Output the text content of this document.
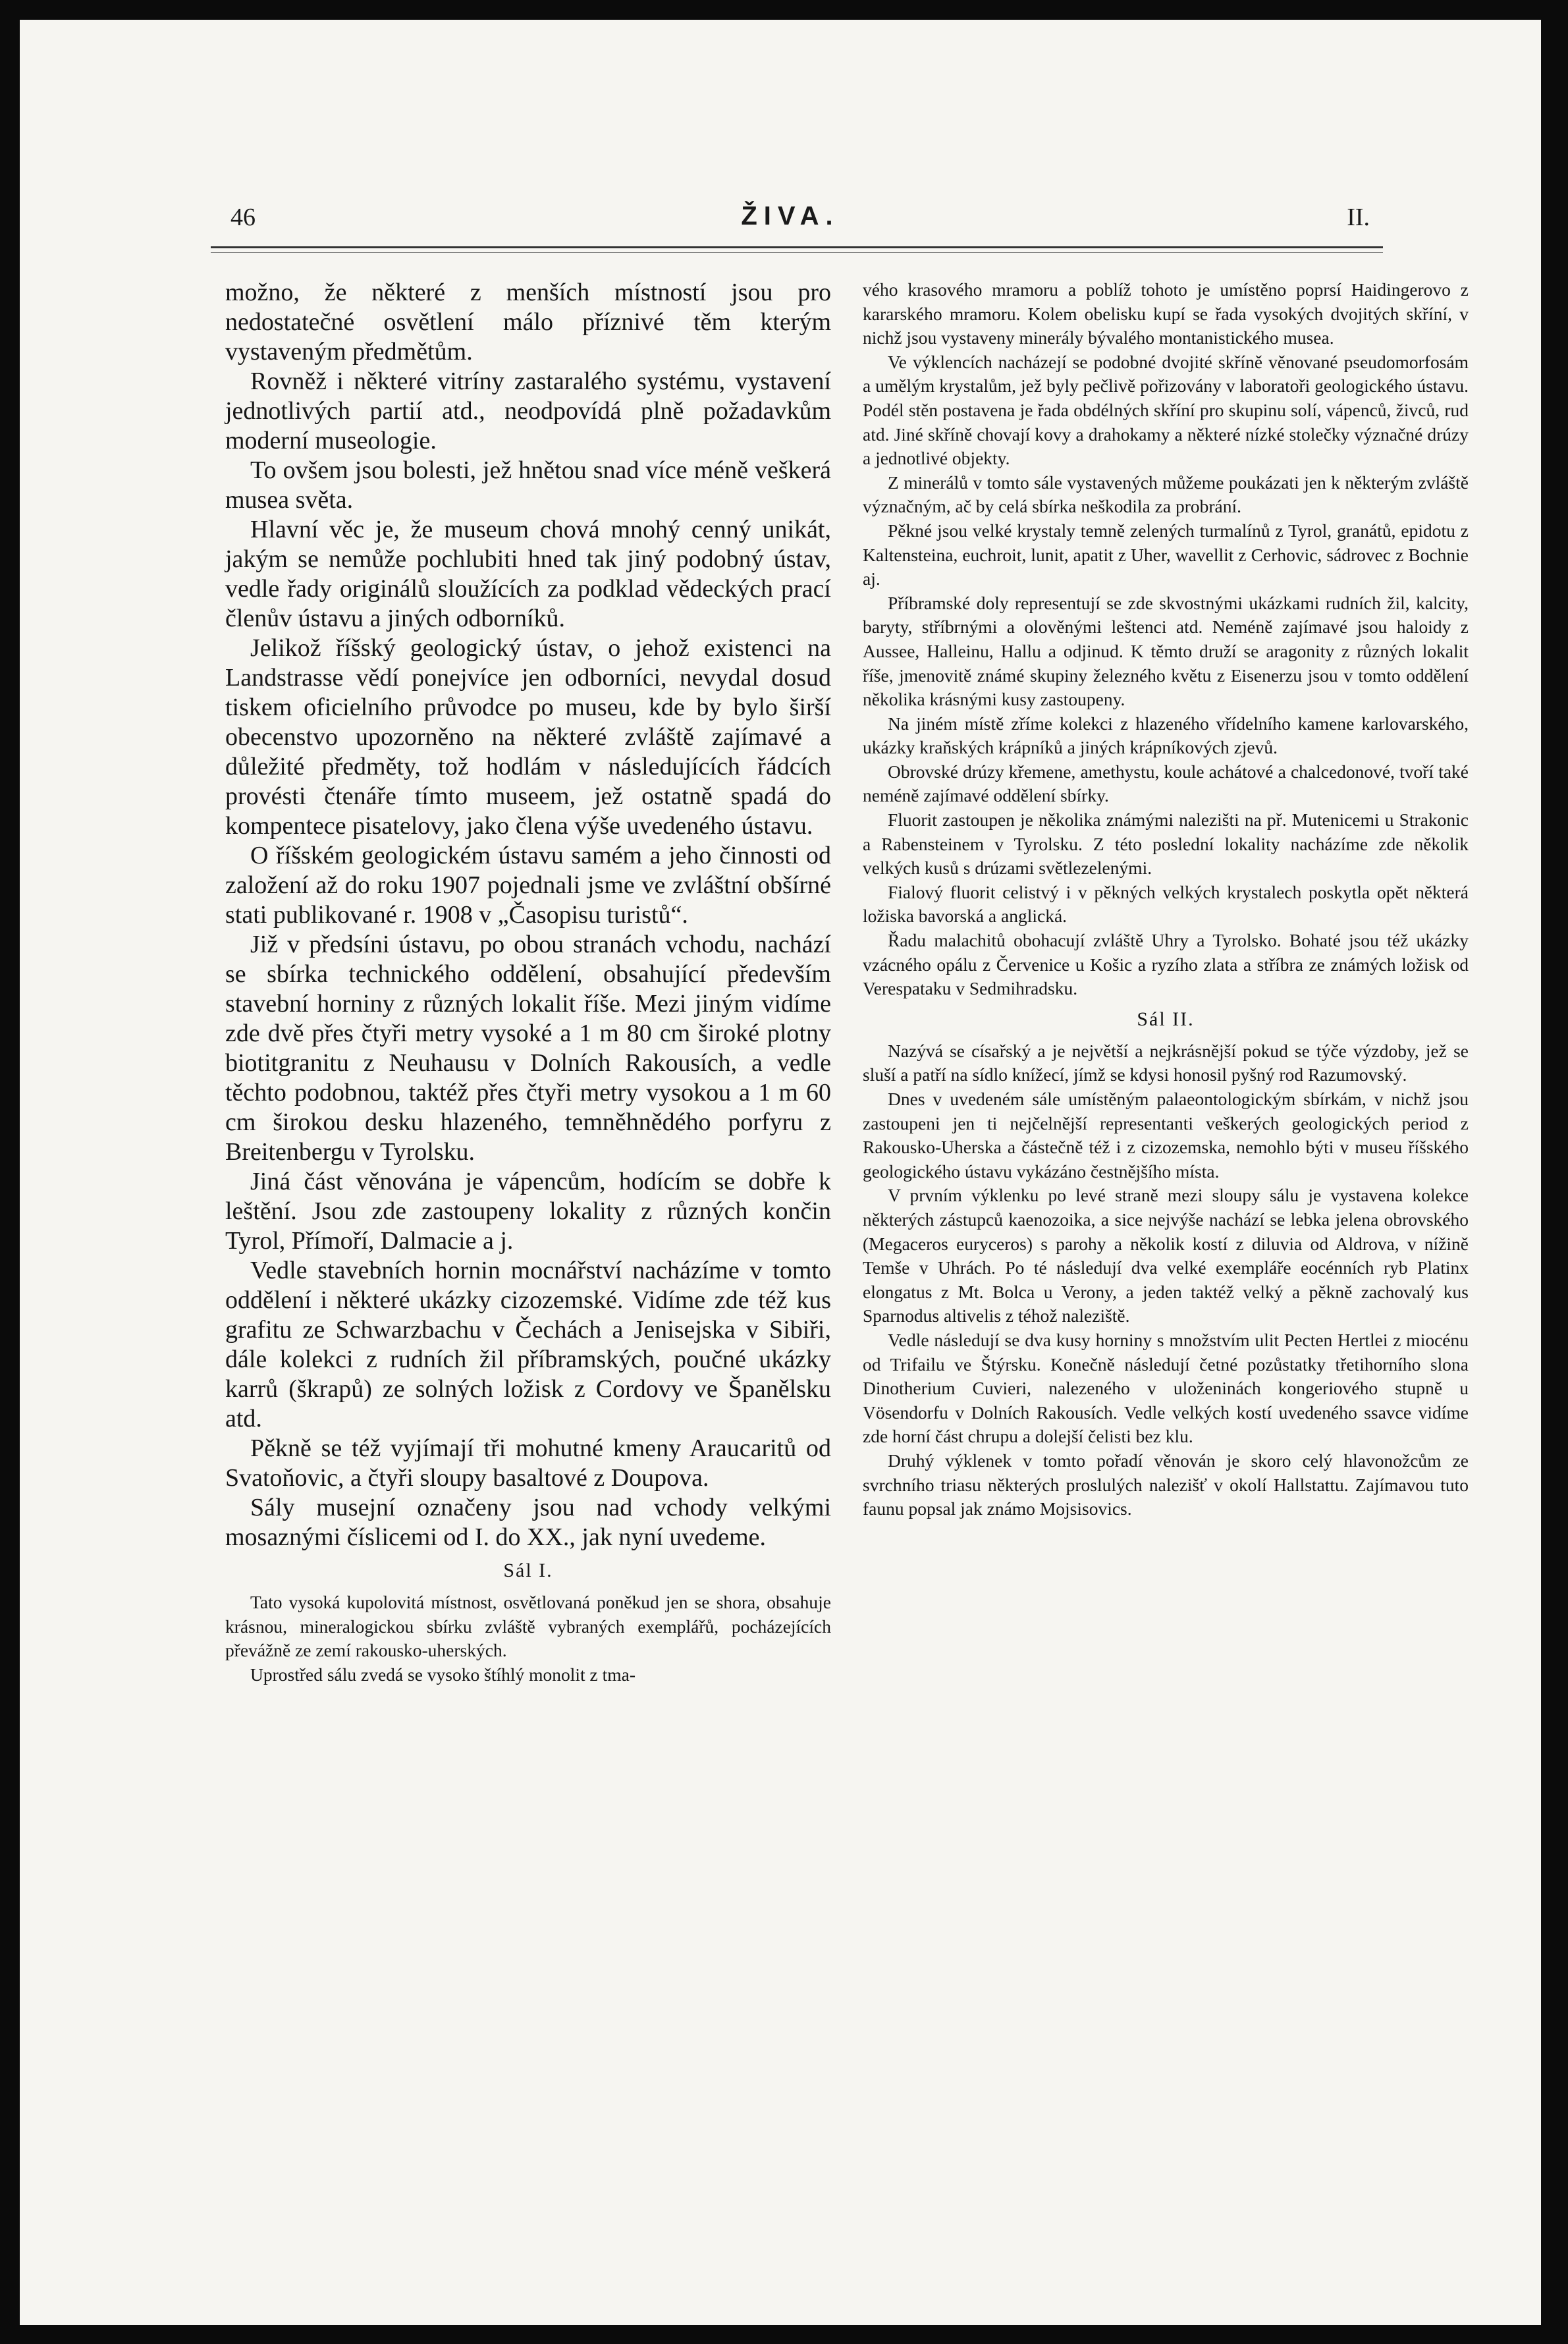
46	ŽIVA.	II.

možno, že některé z menších místností jsou pro nedostatečné osvětlení málo příznivé těm kterým vystaveným předmětům.

Rovněž i některé vitríny zastaralého systému, vystavení jednotlivých partií atd., neodpovídá plně požadavkům moderní museologie.

To ovšem jsou bolesti, jež hnětou snad více méně veškerá musea světa.

Hlavní věc je, že museum chová mnohý cenný unikát, jakým se nemůže pochlubiti hned tak jiný podobný ústav, vedle řady originálů sloužících za podklad vědeckých prací členův ústavu a jiných odborníků.

Jelikož říšský geologický ústav, o jehož existenci na Landstrasse vědí ponejvíce jen odborníci, nevydal dosud tiskem oficielního průvodce po museu, kde by bylo širší obecenstvo upozorněno na některé zvláště zajímavé a důležité předměty, tož hodlám v následujících řádcích provésti čtenáře tímto museem, jež ostatně spadá do kompentece pisatelovy, jako člena výše uvedeného ústavu.

O říšském geologickém ústavu samém a jeho činnosti od založení až do roku 1907 pojednali jsme ve zvláštní obšírné stati publikované r. 1908 v „Časopisu turistů“.

Již v předsíni ústavu, po obou stranách vchodu, nachází se sbírka technického oddělení, obsahující především stavební horniny z různých lokalit říše. Mezi jiným vidíme zde dvě přes čtyři metry vysoké a 1 m 80 cm široké plotny biotitgranitu z Neuhausu v Dolních Rakousích, a vedle těchto podobnou, taktéž přes čtyři metry vysokou a 1 m 60 cm širokou desku hlazeného, temněhnědého porfyru z Breitenbergu v Tyrolsku.

Jiná část věnována je vápencům, hodícím se dobře k leštění. Jsou zde zastoupeny lokality z různých končin Tyrol, Přímoří, Dalmacie a j.

Vedle stavebních hornin mocnářství nacházíme v tomto oddělení i některé ukázky cizozemské. Vidíme zde též kus grafitu ze Schwarzbachu v Čechách a Jenisejska v Sibiři, dále kolekci z rudních žil příbramských, poučné ukázky karrů (škrapů) ze solných ložisk z Cordovy ve Španělsku atd.

Pěkně se též vyjímají tři mohutné kmeny Araucaritů od Svatoňovic, a čtyři sloupy basaltové z Doupova.

Sály musejní označeny jsou nad vchody velkými mosaznými číslicemi od I. do XX., jak nyní uvedeme.

Sál I.

Tato vysoká kupolovitá místnost, osvětlovaná poněkud jen se shora, obsahuje krásnou, mineralogickou sbírku zvláště vybraných exemplářů, pocházejících převážně ze zemí rakousko-uherských.

Uprostřed sálu zvedá se vysoko štíhlý monolit z tma-

vého krasového mramoru a poblíž tohoto je umístěno poprsí Haidingerovo z kararského mramoru. Kolem obelisku kupí se řada vysokých dvojitých skříní, v nichž jsou vystaveny minerály bývalého montanistického musea.

Ve výklencích nacházejí se podobné dvojité skříně věnované pseudomorfosám a umělým krystalům, jež byly pečlivě pořizovány v laboratoři geologického ústavu. Podél stěn postavena je řada obdélných skříní pro skupinu solí, vápenců, živců, rud atd. Jiné skříně chovají kovy a drahokamy a některé nízké stolečky význačné drúzy a jednotlivé objekty.

Z minerálů v tomto sále vystavených můžeme poukázati jen k některým zvláště význačným, ač by celá sbírka neškodila za probrání.

Pěkné jsou velké krystaly temně zelených turmalínů z Tyrol, granátů, epidotu z Kaltensteina, euchroit, lunit, apatit z Uher, wavellit z Cerhovic, sádrovec z Bochnie aj.

Příbramské doly representují se zde skvostnými ukázkami rudních žil, kalcity, baryty, stříbrnými a olověnými leštenci atd. Neméně zajímavé jsou haloidy z Aussee, Halleinu, Hallu a odjinud. K těmto druží se aragonity z různých lokalit říše, jmenovitě známé skupiny železného květu z Eisenerzu jsou v tomto oddělení několika krásnými kusy zastoupeny.

Na jiném místě zříme kolekci z hlazeného vřídelního kamene karlovarského, ukázky kraňských krápníků a jiných krápníkových zjevů.

Obrovské drúzy křemene, amethystu, koule achátové a chalcedonové, tvoří také neméně zajímavé oddělení sbírky.

Fluorit zastoupen je několika známými nalezišti na př. Mutenicemi u Strakonic a Rabensteinem v Tyrolsku. Z této poslední lokality nacházíme zde několik velkých kusů s drúzami světlezelenými.

Fialový fluorit celistvý i v pěkných velkých krystalech poskytla opět některá ložiska bavorská a anglická.

Řadu malachitů obohacují zvláště Uhry a Tyrolsko. Bohaté jsou též ukázky vzácného opálu z Červenice u Košic a ryzího zlata a stříbra ze známých ložisk od Verespataku v Sedmihradsku.

Sál II.

Nazývá se císařský a je největší a nejkrásnější pokud se týče výzdoby, jež se sluší a patří na sídlo knížecí, jímž se kdysi honosil pyšný rod Razumovský.

Dnes v uvedeném sále umístěným palaeontologickým sbírkám, v nichž jsou zastoupeni jen ti nejčelnější representanti veškerých geologických period z Rakousko-Uherska a částečně též i z cizozemska, nemohlo býti v museu říšského geologického ústavu vykázáno čestnějšího místa.

V prvním výklenku po levé straně mezi sloupy sálu je vystavena kolekce některých zástupců kaenozoika, a sice nejvýše nachází se lebka jelena obrovského (Megaceros euryceros) s parohy a několik kostí z diluvia od Aldrova, v nížině Temše v Uhrách. Po té následují dva velké exempláře eocénních ryb Platinx elongatus z Mt. Bolca u Verony, a jeden taktéž velký a pěkně zachovalý kus Sparnodus altivelis z téhož naleziště.

Vedle následují se dva kusy horniny s množstvím ulit Pecten Hertlei z miocénu od Trifailu ve Štýrsku. Konečně následují četné pozůstatky třetihorního slona Dinotherium Cuvieri, nalezeného v uloženinách kongeriového stupně u Vösendorfu v Dolních Rakousích. Vedle velkých kostí uvedeného ssavce vidíme zde horní část chrupu a dolejší čelisti bez klu.

Druhý výklenek v tomto pořadí věnován je skoro celý hlavonožcům ze svrchního triasu některých proslulých nalezišť v okolí Hallstattu. Zajímavou tuto faunu popsal jak známo Mojsisovics.
